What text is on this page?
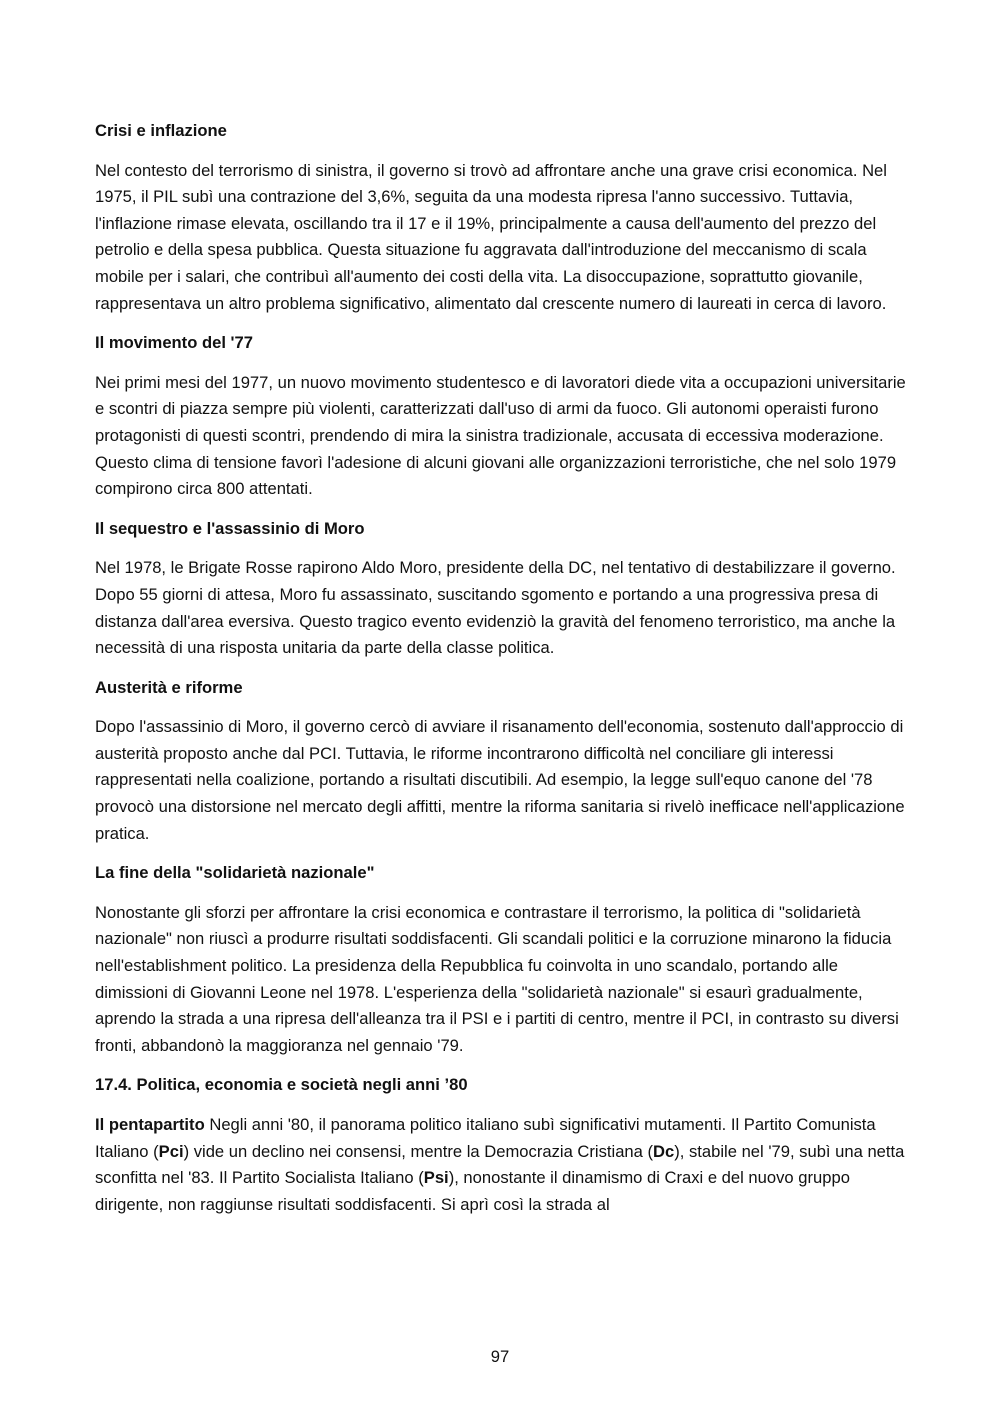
Crisi e inflazione
Nel contesto del terrorismo di sinistra, il governo si trovò ad affrontare anche una grave crisi economica. Nel 1975, il PIL subì una contrazione del 3,6%, seguita da una modesta ripresa l'anno successivo. Tuttavia, l'inflazione rimase elevata, oscillando tra il 17 e il 19%, principalmente a causa dell'aumento del prezzo del petrolio e della spesa pubblica. Questa situazione fu aggravata dall'introduzione del meccanismo di scala mobile per i salari, che contribuì all'aumento dei costi della vita. La disoccupazione, soprattutto giovanile, rappresentava un altro problema significativo, alimentato dal crescente numero di laureati in cerca di lavoro.
Il movimento del '77
Nei primi mesi del 1977, un nuovo movimento studentesco e di lavoratori diede vita a occupazioni universitarie e scontri di piazza sempre più violenti, caratterizzati dall'uso di armi da fuoco. Gli autonomi operaisti furono protagonisti di questi scontri, prendendo di mira la sinistra tradizionale, accusata di eccessiva moderazione. Questo clima di tensione favorì l'adesione di alcuni giovani alle organizzazioni terroristiche, che nel solo 1979 compirono circa 800 attentati.
Il sequestro e l'assassinio di Moro
Nel 1978, le Brigate Rosse rapirono Aldo Moro, presidente della DC, nel tentativo di destabilizzare il governo. Dopo 55 giorni di attesa, Moro fu assassinato, suscitando sgomento e portando a una progressiva presa di distanza dall'area eversiva. Questo tragico evento evidenziò la gravità del fenomeno terroristico, ma anche la necessità di una risposta unitaria da parte della classe politica.
Austerità e riforme
Dopo l'assassinio di Moro, il governo cercò di avviare il risanamento dell'economia, sostenuto dall'approccio di austerità proposto anche dal PCI. Tuttavia, le riforme incontrarono difficoltà nel conciliare gli interessi rappresentati nella coalizione, portando a risultati discutibili. Ad esempio, la legge sull'equo canone del '78 provocò una distorsione nel mercato degli affitti, mentre la riforma sanitaria si rivelò inefficace nell'applicazione pratica.
La fine della "solidarietà nazionale"
Nonostante gli sforzi per affrontare la crisi economica e contrastare il terrorismo, la politica di "solidarietà nazionale" non riuscì a produrre risultati soddisfacenti. Gli scandali politici e la corruzione minarono la fiducia nell'establishment politico. La presidenza della Repubblica fu coinvolta in uno scandalo, portando alle dimissioni di Giovanni Leone nel 1978. L'esperienza della "solidarietà nazionale" si esaurì gradualmente, aprendo la strada a una ripresa dell'alleanza tra il PSI e i partiti di centro, mentre il PCI, in contrasto su diversi fronti, abbandonò la maggioranza nel gennaio '79.
17.4. Politica, economia e società negli anni ’80
Il pentapartito Negli anni '80, il panorama politico italiano subì significativi mutamenti. Il Partito Comunista Italiano (Pci) vide un declino nei consensi, mentre la Democrazia Cristiana (Dc), stabile nel '79, subì una netta sconfitta nel '83. Il Partito Socialista Italiano (Psi), nonostante il dinamismo di Craxi e del nuovo gruppo dirigente, non raggiunse risultati soddisfacenti. Si aprì così la strada al
97
